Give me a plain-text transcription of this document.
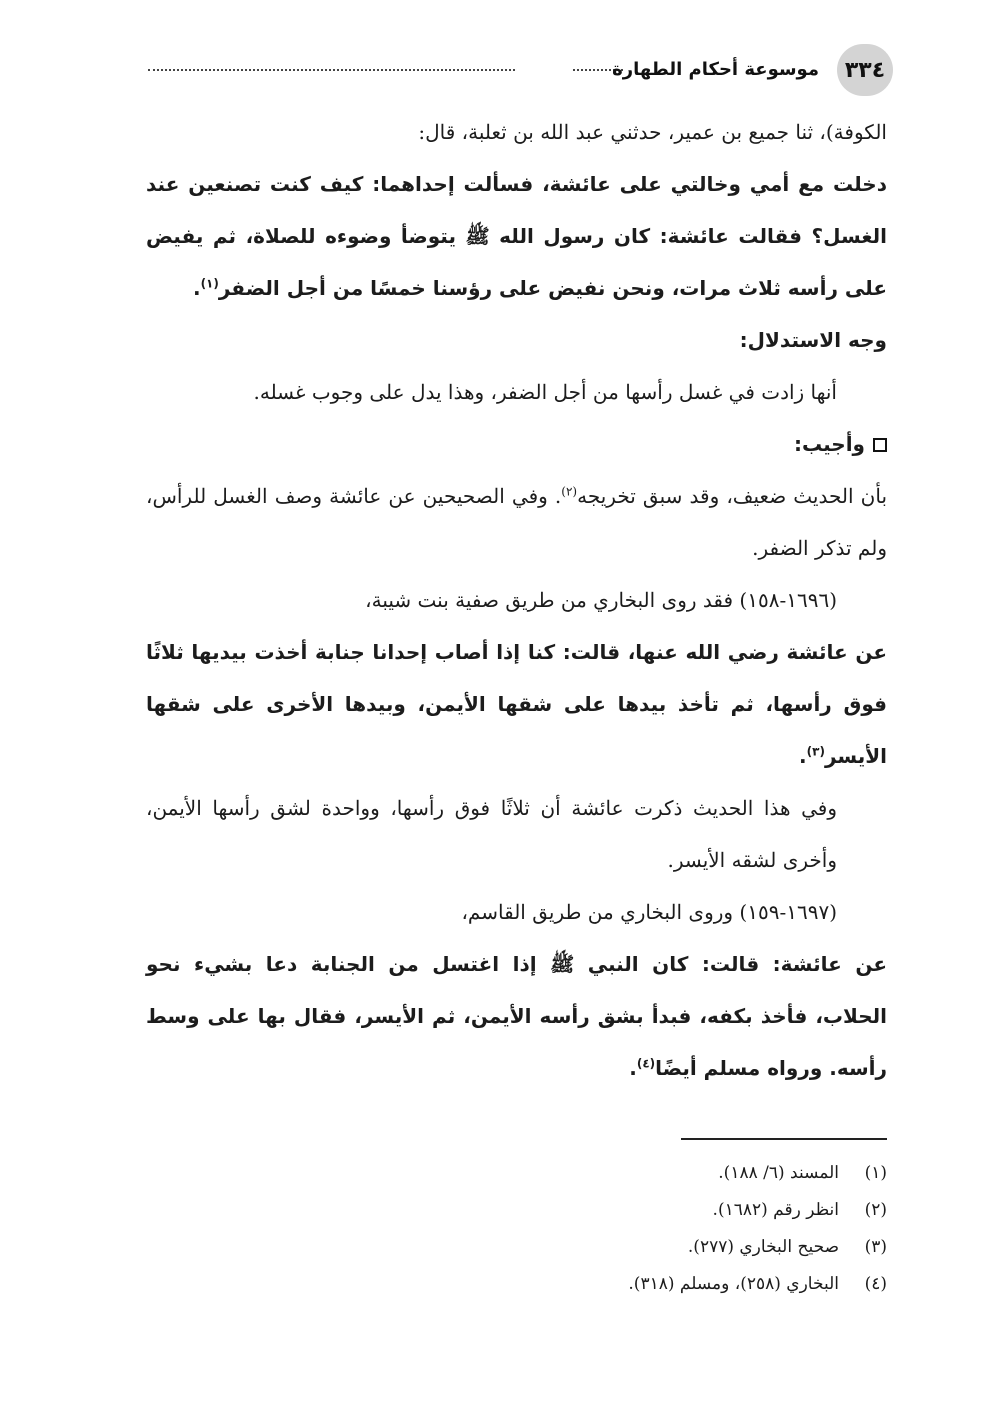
٣٣٤
موسوعة أحكام الطهارة

الكوفة)، ثنا جميع بن عمير، حدثني عبد الله بن ثعلبة، قال:

دخلت مع أمي وخالتي على عائشة، فسألت إحداهما: كيف كنت تصنعين عند الغسل؟ فقالت عائشة: كان رسول الله ﷺ يتوضأ وضوءه للصلاة، ثم يفيض على رأسه ثلاث مرات، ونحن نفيض على رؤسنا خمسًا من أجل الضفر$^{(١)}$.

وجه الاستدلال:

أنها زادت في غسل رأسها من أجل الضفر، وهذا يدل على وجوب غسله.

وأجيب:

بأن الحديث ضعيف، وقد سبق تخريجه$^{(٢)}$. وفي الصحيحين عن عائشة وصف الغسل للرأس، ولم تذكر الضفر.

(١٦٩٦-١٥٨) فقد روى البخاري من طريق صفية بنت شيبة،

عن عائشة رضي الله عنها، قالت: كنا إذا أصاب إحدانا جنابة أخذت بيديها ثلاثًا فوق رأسها، ثم تأخذ بيدها على شقها الأيمن، وبيدها الأخرى على شقها الأيسر$^{(٣)}$.

وفي هذا الحديث ذكرت عائشة أن ثلاثًا فوق رأسها، وواحدة لشق رأسها الأيمن، وأخرى لشقه الأيسر.

(١٦٩٧-١٥٩) وروى البخاري من طريق القاسم،

عن عائشة: قالت: كان النبي ﷺ إذا اغتسل من الجنابة دعا بشيء نحو الحلاب، فأخذ بكفه، فبدأ بشق رأسه الأيمن، ثم الأيسر، فقال بها على وسط رأسه. ورواه مسلم أيضًا$^{(٤)}$.

(١)المسند (٦/ ١٨٨).
(٢)انظر رقم (١٦٨٢).
(٣)صحيح البخاري (٢٧٧).
(٤)البخاري (٢٥٨)، ومسلم (٣١٨).
